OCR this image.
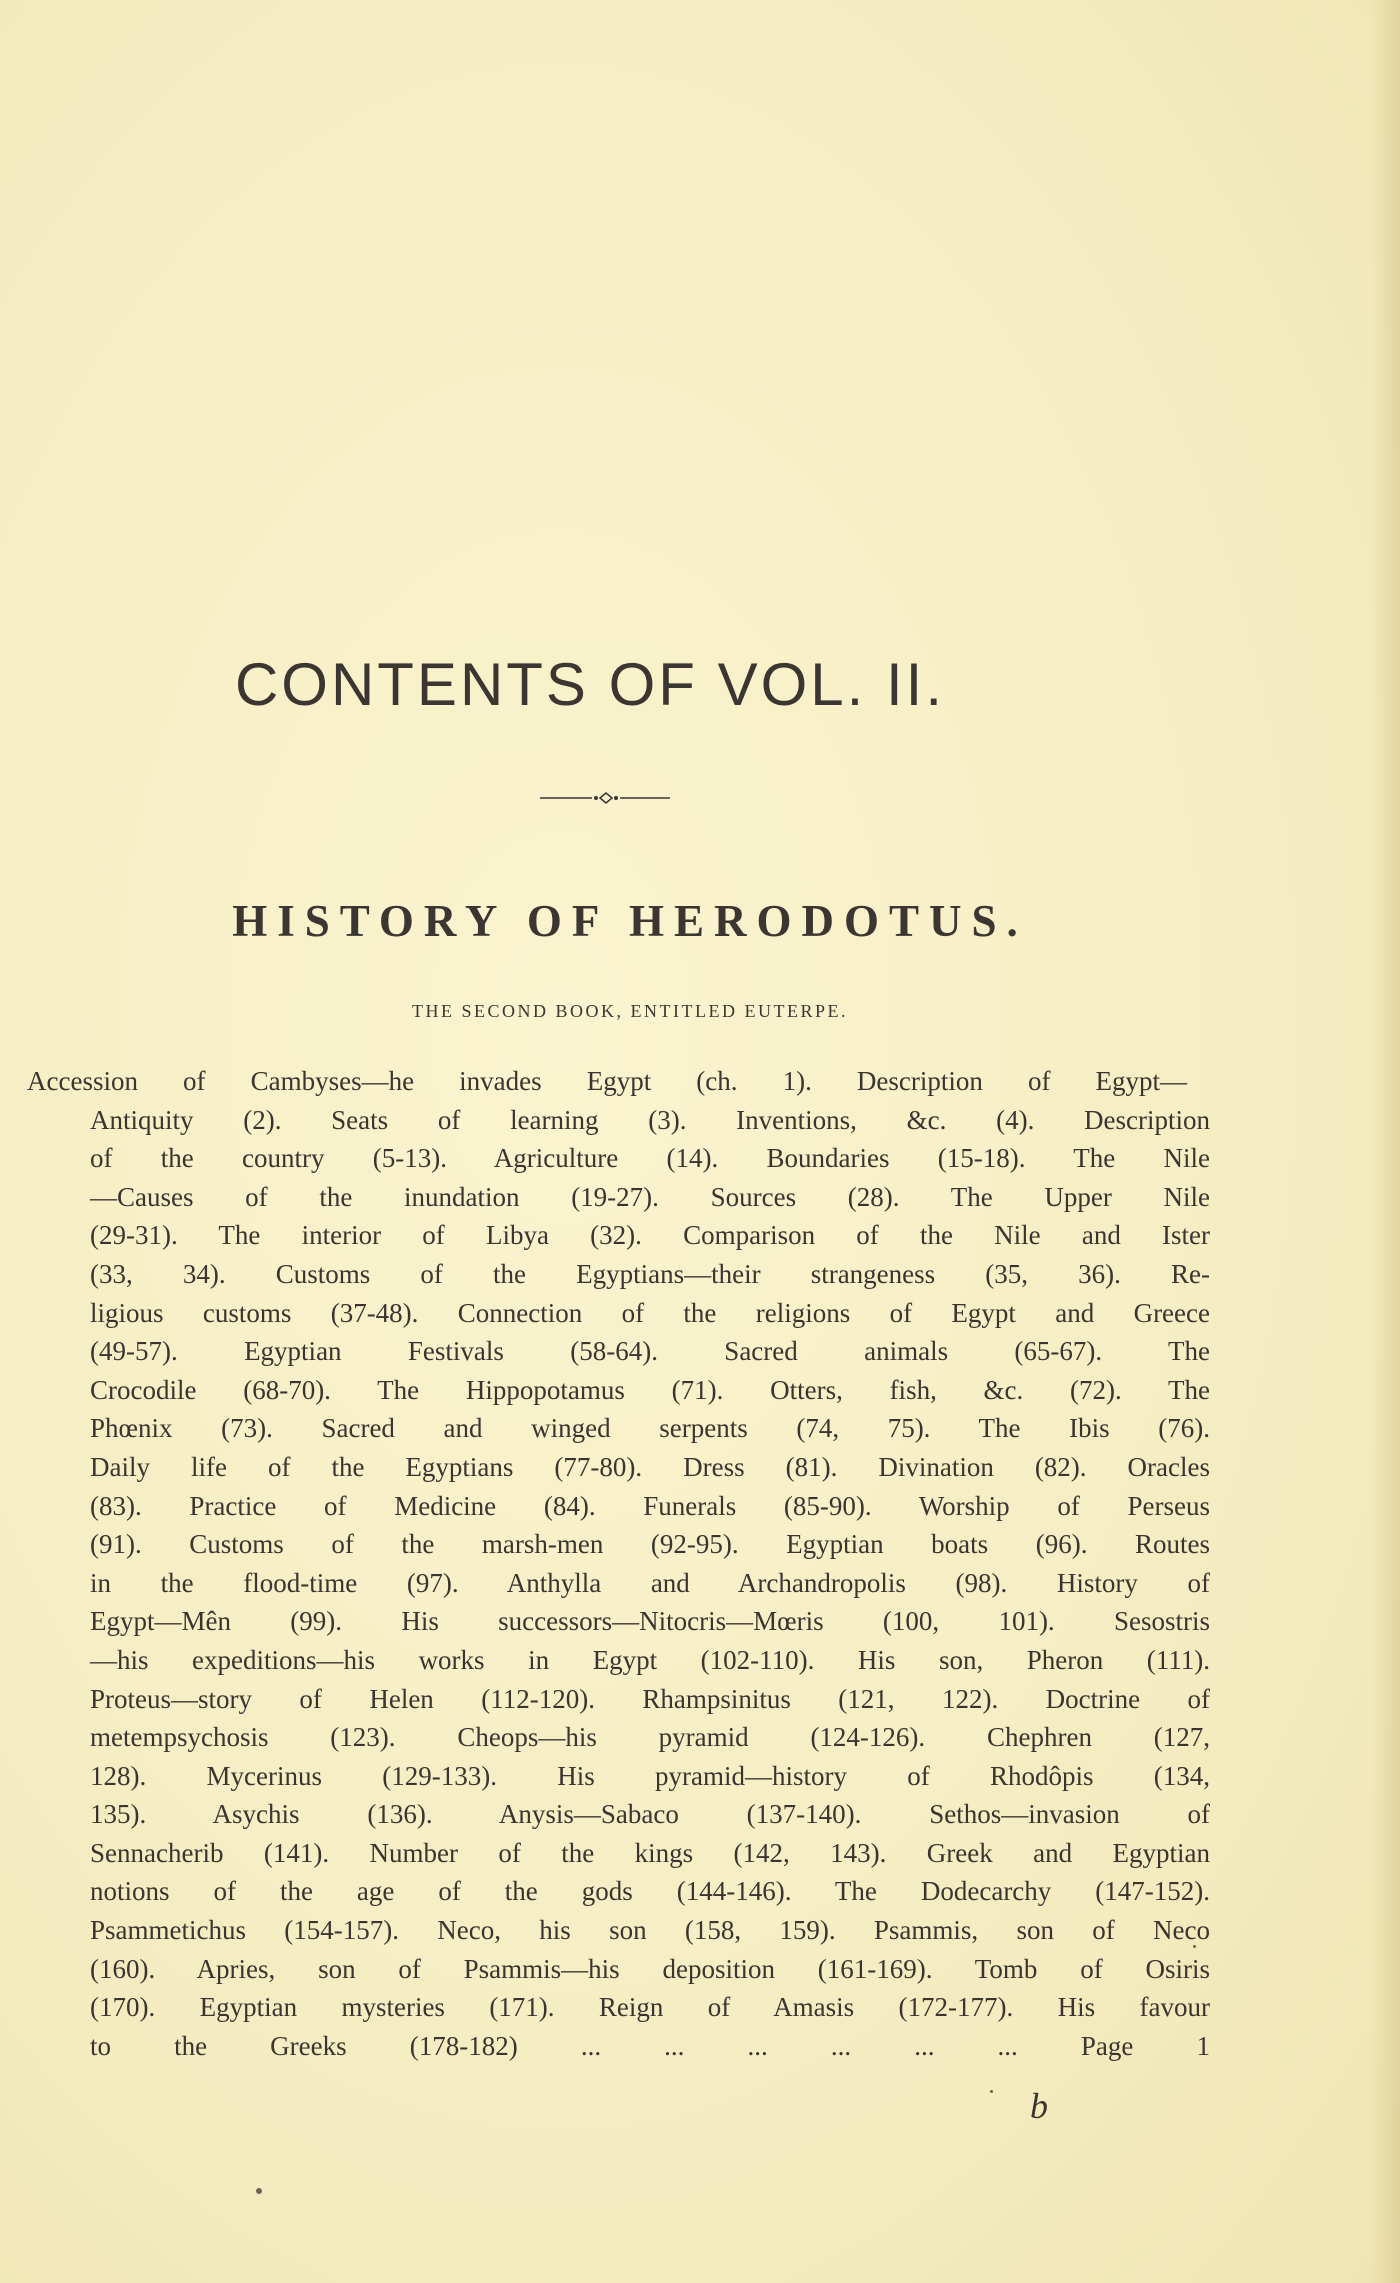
CONTENTS OF VOL. II.
HISTORY OF HERODOTUS.
THE SECOND BOOK, ENTITLED EUTERPE.
Accession of Cambyses—he invades Egypt (ch. 1). Description of Egypt—
Antiquity (2). Seats of learning (3). Inventions, &c. (4). Description
of the country (5-13). Agriculture (14). Boundaries (15-18). The Nile
—Causes of the inundation (19-27). Sources (28). The Upper Nile
(29-31). The interior of Libya (32). Comparison of the Nile and Ister
(33, 34). Customs of the Egyptians—their strangeness (35, 36). Re-
ligious customs (37-48). Connection of the religions of Egypt and Greece
(49-57). Egyptian Festivals (58-64). Sacred animals (65-67). The
Crocodile (68-70). The Hippopotamus (71). Otters, fish, &c. (72). The
Phœnix (73). Sacred and winged serpents (74, 75). The Ibis (76).
Daily life of the Egyptians (77-80). Dress (81). Divination (82). Oracles
(83). Practice of Medicine (84). Funerals (85-90). Worship of Perseus
(91). Customs of the marsh-men (92-95). Egyptian boats (96). Routes
in the flood-time (97). Anthylla and Archandropolis (98). History of
Egypt—Mên (99). His successors—Nitocris—Mœris (100, 101). Sesostris
—his expeditions—his works in Egypt (102-110). His son, Pheron (111).
Proteus—story of Helen (112-120). Rhampsinitus (121, 122). Doctrine of
metempsychosis (123). Cheops—his pyramid (124-126). Chephren (127,
128). Mycerinus (129-133). His pyramid—history of Rhodôpis (134,
135). Asychis (136). Anysis—Sabaco (137-140). Sethos—invasion of
Sennacherib (141). Number of the kings (142, 143). Greek and Egyptian
notions of the age of the gods (144-146). The Dodecarchy (147-152).
Psammetichus (154-157). Neco, his son (158, 159). Psammis, son of Neco
(160). Apries, son of Psammis—his deposition (161-169). Tomb of Osiris
(170). Egyptian mysteries (171). Reign of Amasis (172-177). His favour
to the Greeks (178-182) ... ... ... ... ... ... Page 1
b
